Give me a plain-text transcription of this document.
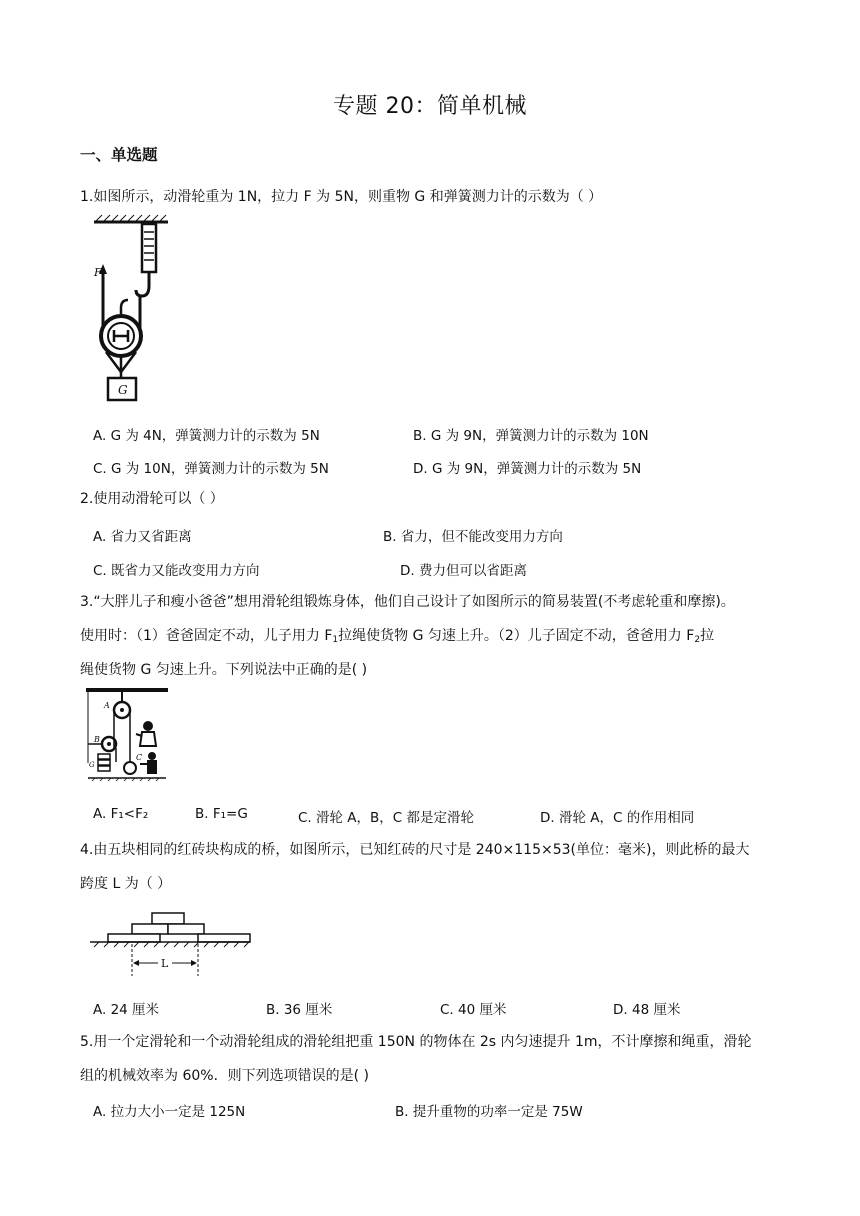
专题 20：简单机械
一、单选题
1.如图所示，动滑轮重为 1N，拉力 F 为 5N，则重物 G 和弹簧测力计的示数为（ ）
F
G
A. G 为 4N，弹簧测力计的示数为 5N	B. G 为 9N，弹簧测力计的示数为 10N
C. G 为 10N，弹簧测力计的示数为 5N	D. G 为 9N，弹簧测力计的示数为 5N
2.使用动滑轮可以（ ）
A. 省力又省距离	B. 省力，但不能改变用力方向
C. 既省力又能改变用力方向	D. 费力但可以省距离
3.“大胖儿子和瘦小爸爸”想用滑轮组锻炼身体，他们自己设计了如图所示的简易装置(不考虑轮重和摩擦)。
使用时：（1）爸爸固定不动，儿子用力 $F_1$拉绳使货物 G 匀速上升。（2）儿子固定不动，爸爸用力 $F_2$拉
绳使货物 G 匀速上升。下列说法中正确的是( )
A
B
G
C
A. F₁<F₂	B. F₁=G	C. 滑轮 A，B，C 都是定滑轮	D. 滑轮 A，C 的作用相同
4.由五块相同的红砖块构成的桥，如图所示，已知红砖的尺寸是 240×115×53(单位：毫米)，则此桥的最大
跨度 L 为（ ）
L
A. 24 厘米	B. 36 厘米	C. 40 厘米	D. 48 厘米
5.用一个定滑轮和一个动滑轮组成的滑轮组把重 150N 的物体在 2s 内匀速提升 1m，不计摩擦和绳重，滑轮
组的机械效率为 60%．则下列选项错误的是( )
A. 拉力大小一定是 125N	B. 提升重物的功率一定是 75W
